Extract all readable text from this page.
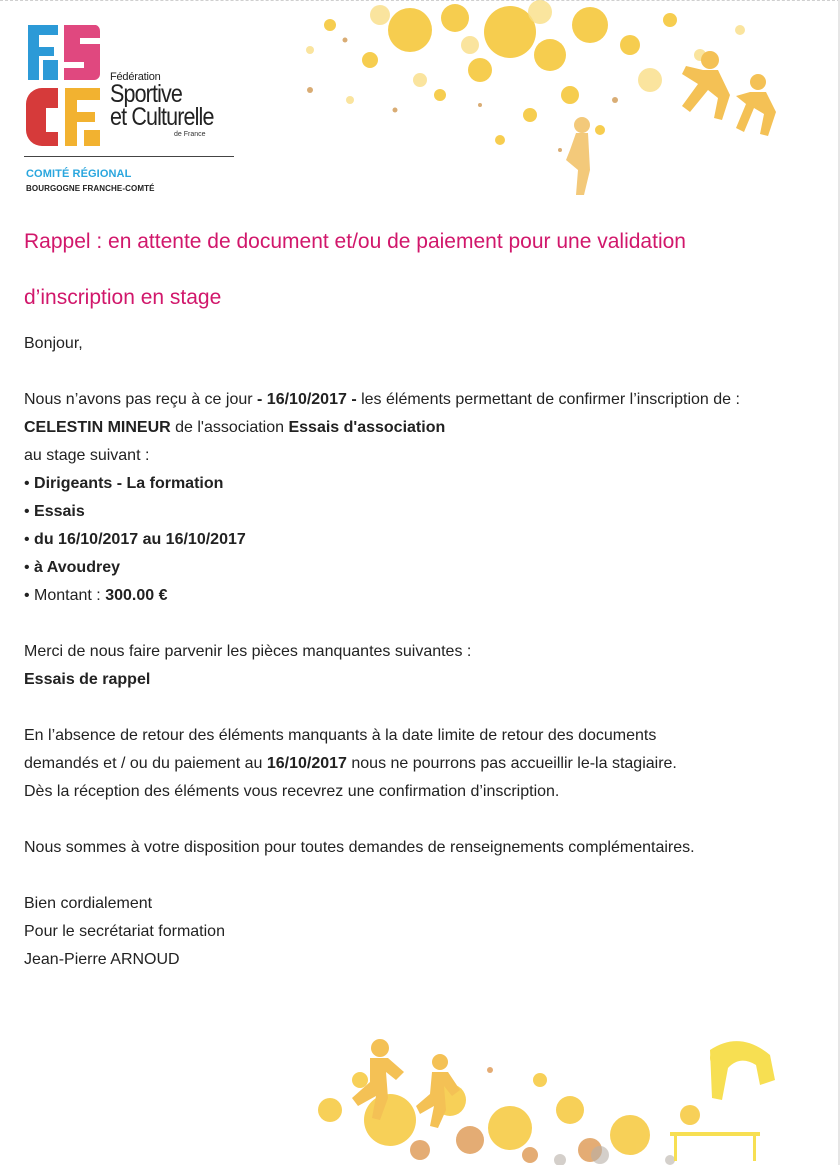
Fédération
Sportive
et Culturelle
de France
COMITÉ RÉGIONAL
BOURGOGNE FRANCHE-COMTÉ
Rappel : en attente de document et/ou de paiement pour une validation
d’inscription en stage

Bonjour,

Nous n’avons pas reçu à ce jour - 16/10/2017 - les éléments permettant de confirmer l’inscription de :

CELESTIN MINEUR de l'association Essais d'association

au stage suivant :

• Dirigeants - La formation

• Essais

• du 16/10/2017 au 16/10/2017

• à Avoudrey

• Montant : 300.00 €

Merci de nous faire parvenir les pièces manquantes suivantes :

Essais de rappel

En l’absence de retour des éléments manquants à la date limite de retour des documents

demandés et / ou du paiement au 16/10/2017 nous ne pourrons pas accueillir le-la stagiaire.

Dès la réception des éléments vous recevrez une confirmation d’inscription.

Nous sommes à votre disposition pour toutes demandes de renseignements complémentaires.

Bien cordialement

Pour le secrétariat formation

Jean-Pierre ARNOUD
